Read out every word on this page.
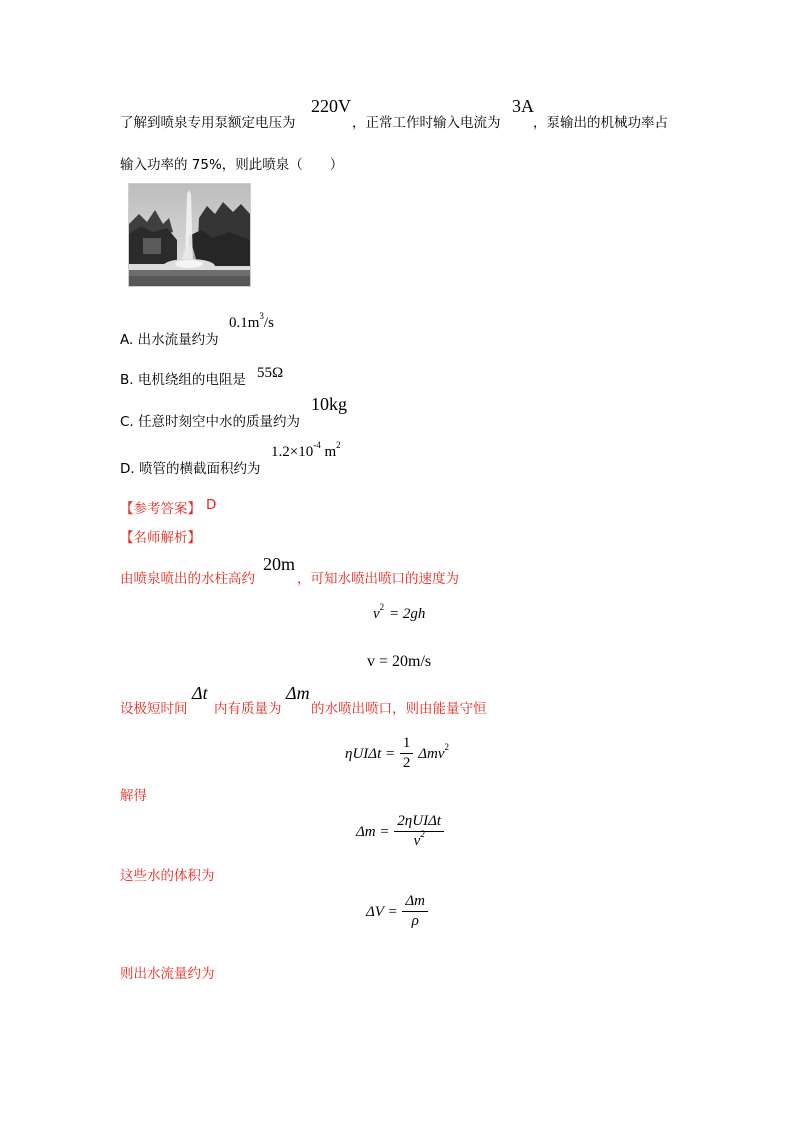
了解到喷泉专用泵额定电压为
220V
，正常工作时输入电流为
3A
，泵输出的机械功率占
输入功率的 75%，则此喷泉（　　）
A. 出水流量约为
$0.1m^3/s$
B. 电机绕组的电阻是 55Ω
C. 任意时刻空中水的质量约为
10kg
D. 喷管的横截面积约为
$1.2\times 10^{-4}$ $m^2$
【参考答案】 D
【名师解析】
由喷泉喷出的水柱高约
20m
，可知水喷出喷口的速度为
$v^2 = 2gh$
v = 20m/s
设极短时间
Δt
内有质量为
Δm
的水喷出喷口，则由能量守恒
$\eta UI\Delta t = \frac{1}{2} \Delta mv^2$
解得
$\Delta m = \frac{\text{2ηUIΔt}}{v^2}$
这些水的体积为
$\Delta V = \frac{\Delta m}{\rho}$
则出水流量约为
